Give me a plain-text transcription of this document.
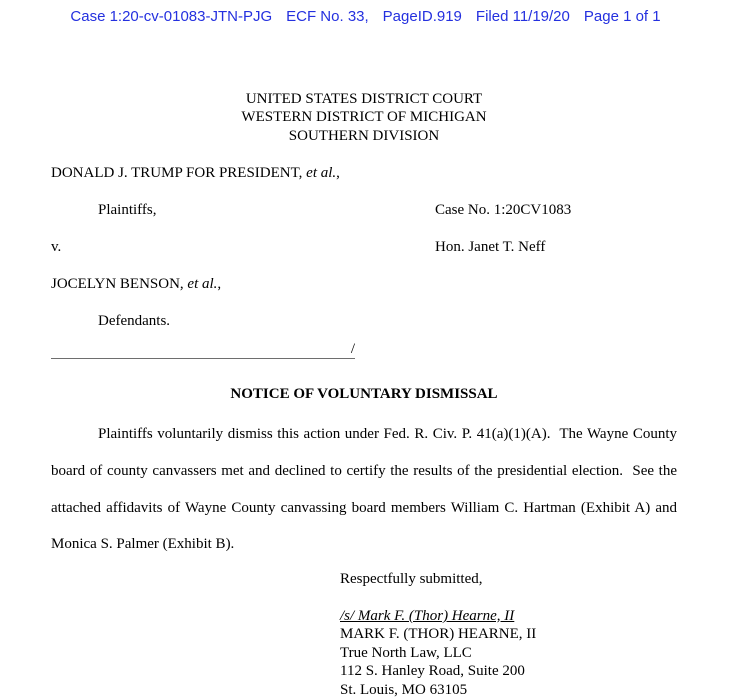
Case 1:20-cv-01083-JTN-PJG ECF No. 33, PageID.919 Filed 11/19/20 Page 1 of 1
UNITED STATES DISTRICT COURT
WESTERN DISTRICT OF MICHIGAN
SOUTHERN DIVISION
DONALD J. TRUMP FOR PRESIDENT, et al.,
Plaintiffs,	Case No. 1:20CV1083
v.	Hon. Janet T. Neff
JOCELYN BENSON, et al.,
Defendants.
/
NOTICE OF VOLUNTARY DISMISSAL
Plaintiffs voluntarily dismiss this action under Fed. R. Civ. P. 41(a)(1)(A).  The Wayne County board of county canvassers met and declined to certify the results of the presidential election.  See the attached affidavits of Wayne County canvassing board members William C. Hartman (Exhibit A) and Monica S. Palmer (Exhibit B).
Respectfully submitted,
/s/ Mark F. (Thor) Hearne, II
MARK F. (THOR) HEARNE, II
True North Law, LLC
112 S. Hanley Road, Suite 200
St. Louis, MO 63105
